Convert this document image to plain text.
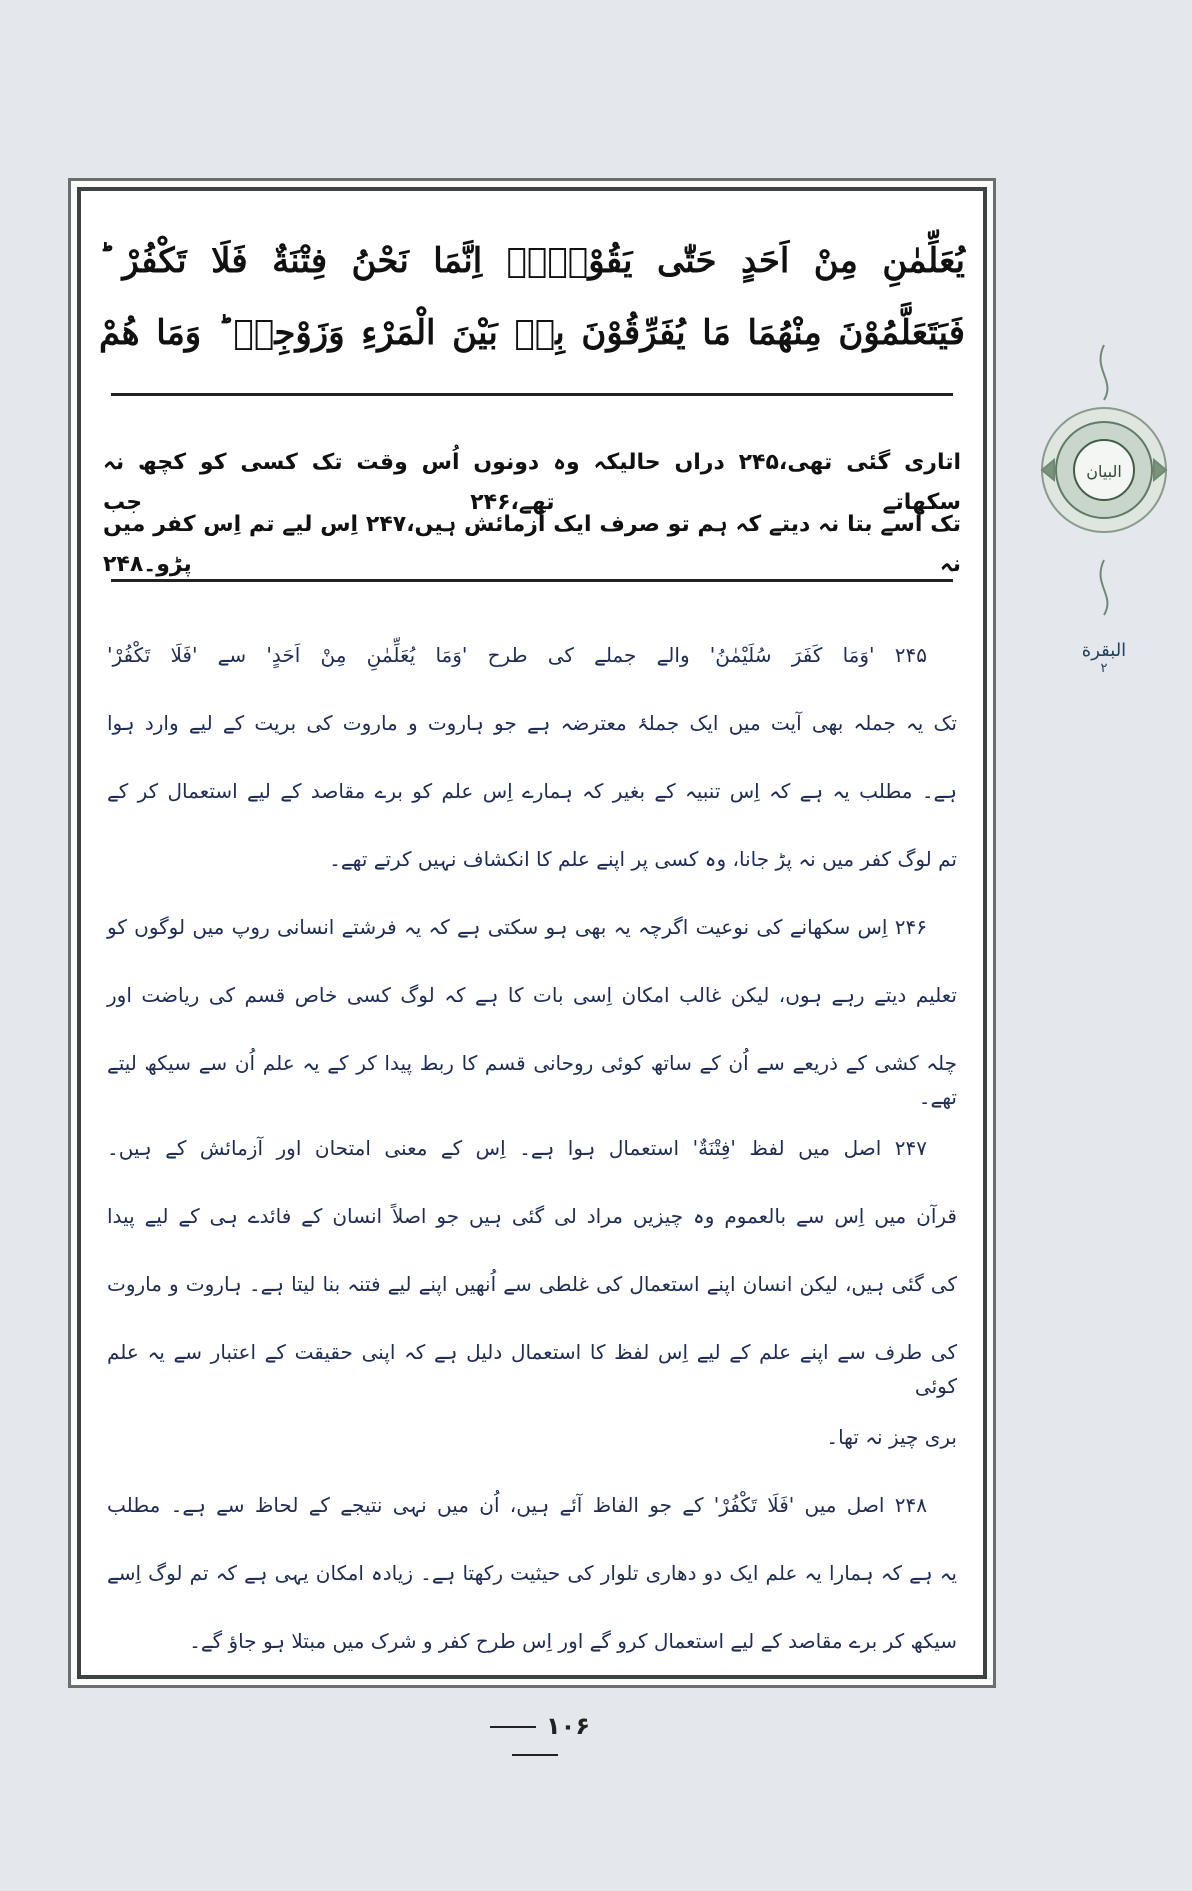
يُعَلِّمٰنِ مِنْ اَحَدٍ حَتّٰى يَقُوْلَاۤ اِنَّمَا نَحْنُ فِتْنَةٌ فَلَا تَكْفُرْ ؕ
فَيَتَعَلَّمُوْنَ مِنْهُمَا مَا يُفَرِّقُوْنَ بِهٖ بَيْنَ الْمَرْءِ وَزَوْجِهٖ ؕ وَمَا هُمْ
اتاری گئی تھی،۲۴۵ دراں حالیکہ وہ دونوں اُس وقت تک کسی کو کچھ نہ سکھاتے تھے،۲۴۶ جب
تک اُسے بتا نہ دیتے کہ ہم تو صرف ایک آزمائش ہیں،۲۴۷ اِس لیے تم اِس کفر میں نہ پڑو۔۲۴۸
۲۴۵ 'وَمَا كَفَرَ سُلَيْمٰنُ' والے جملے کی طرح 'وَمَا يُعَلِّمٰنِ مِنْ اَحَدٍ' سے 'فَلَا تَكْفُرْ'
تک یہ جملہ بھی آیت میں ایک جملۂ معترضہ ہے جو ہاروت و ماروت کی بریت کے لیے وارد ہوا
ہے۔ مطلب یہ ہے کہ اِس تنبیہ کے بغیر کہ ہمارے اِس علم کو برے مقاصد کے لیے استعمال کر کے
تم لوگ کفر میں نہ پڑ جانا، وہ کسی پر اپنے علم کا انکشاف نہیں کرتے تھے۔
۲۴۶ اِس سکھانے کی نوعیت اگرچہ یہ بھی ہو سکتی ہے کہ یہ فرشتے انسانی روپ میں لوگوں کو
تعلیم دیتے رہے ہوں، لیکن غالب امکان اِسی بات کا ہے کہ لوگ کسی خاص قسم کی ریاضت اور
چلہ کشی کے ذریعے سے اُن کے ساتھ کوئی روحانی قسم کا ربط پیدا کر کے یہ علم اُن سے سیکھ لیتے تھے۔
۲۴۷ اصل میں لفظ 'فِتْنَةٌ' استعمال ہوا ہے۔ اِس کے معنی امتحان اور آزمائش کے ہیں۔
قرآن میں اِس سے بالعموم وہ چیزیں مراد لی گئی ہیں جو اصلاً انسان کے فائدے ہی کے لیے پیدا
کی گئی ہیں، لیکن انسان اپنے استعمال کی غلطی سے اُنھیں اپنے لیے فتنہ بنا لیتا ہے۔ ہاروت و ماروت
کی طرف سے اپنے علم کے لیے اِس لفظ کا استعمال دلیل ہے کہ اپنی حقیقت کے اعتبار سے یہ علم کوئی
بری چیز نہ تھا۔
۲۴۸ اصل میں 'فَلَا تَكْفُرْ' کے جو الفاظ آئے ہیں، اُن میں نہی نتیجے کے لحاظ سے ہے۔ مطلب
یہ ہے کہ ہمارا یہ علم ایک دو دھاری تلوار کی حیثیت رکھتا ہے۔ زیادہ امکان یہی ہے کہ تم لوگ اِسے
سیکھ کر برے مقاصد کے لیے استعمال کرو گے اور اِس طرح کفر و شرک میں مبتلا ہو جاؤ گے۔
البیان
البقرة
۲
۱۰۶
